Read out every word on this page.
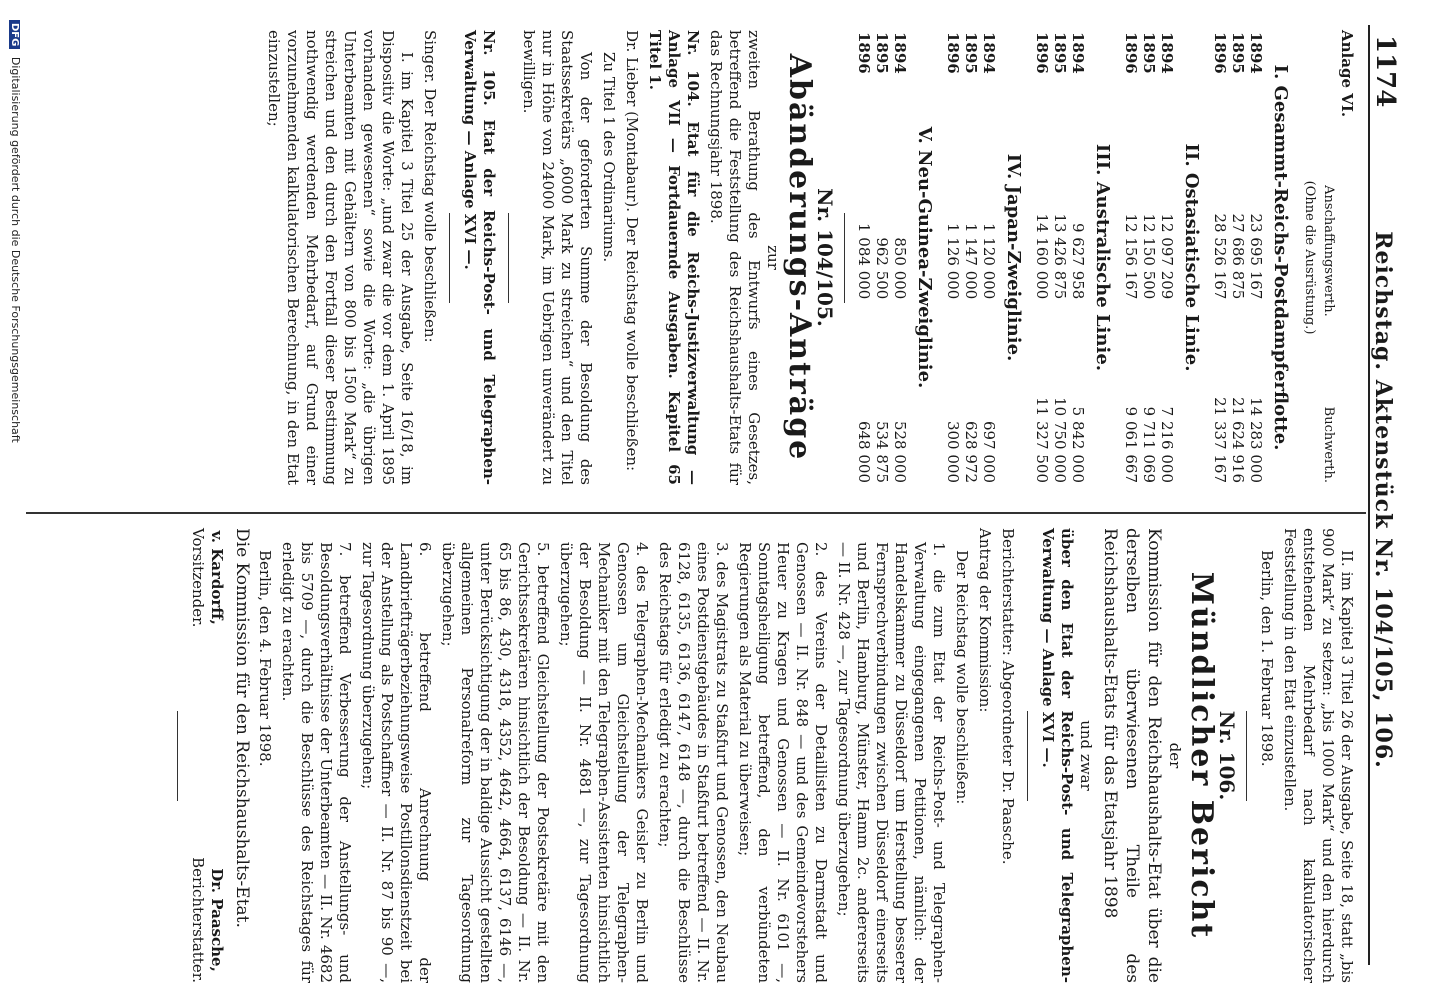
1174
Reichstag. Aktenstück Nr. 104/105, 106.
Anlage VI.
	Anschaffungswerth.	Buchwerth.
(Ohne die Ausrüstung.)
I. Gesammt-Reichs-Postdampferflotte.
1894	23 695 167	14 283 000
1895	27 686 875	21 624 916
1896	28 526 167	21 337 167
II. Ostasiatische Linie.
1894	12 097 209	7 216 000
1895	12 150 500	9 711 069
1896	12 156 167	9 061 667
III. Australische Linie.
1894	9 627 958	5 842 000
1895	13 426 875	10 750 000
1896	14 160 000	11 327 500
IV. Japan-Zweiglinie.
1894	1 120 000	697 000
1895	1 147 000	628 972
1896	1 126 000	300 000
V. Neu-Guinea-Zweiglinie.
1894	850 000	528 000
1895	962 500	534 875
1896	1 084 000	648 000
Nr. 104/105.
Abänderungs-Anträge
zur

zweiten Berathung des Entwurfs eines Gesetzes, betreffend die Feststellung des Reichshaushalts-Etats für das Rechnungsjahr 1898.

Nr. 104. Etat für die Reichs-Justizverwaltung — Anlage VII — Fortdauernde Ausgaben. Kapitel 65 Titel 1.

Dr. Lieber (Montabaur). Der Reichstag wolle beschließen:

Zu Titel 1 des Ordinariums.

Von der geforderten Summe der Besoldung des Staatssekretärs „6000 Mark zu streichen“ und den Titel nur in Höhe von 24000 Mark, im Uebrigen unverändert zu bewilligen.

Nr. 105. Etat der Reichs-Post- und Telegraphen-Verwaltung — Anlage XVI —.

Singer. Der Reichstag wolle beschließen:

I. im Kapitel 3 Titel 25 der Ausgabe, Seite 16/18, im Dispositiv die Worte: „und zwar die vor dem 1. April 1895 vorhanden gewesenen“ sowie die Worte: „die übrigen Unterbeamten mit Gehältern von 800 bis 1500 Mark“ zu streichen und den durch den Fortfall dieser Bestimmung nothwendig werdenden Mehrbedarf, auf Grund einer vorzunehmenden kalkulatorischen Berechnung, in den Etat einzustellen;

II. im Kapitel 3 Titel 26 der Ausgabe, Seite 18, statt „bis 900 Mark“ zu setzen: „bis 1000 Mark“ und den hierdurch entstehenden Mehrbedarf nach kalkulatorischer Feststellung in den Etat einzustellen.

Berlin, den 1. Februar 1898.

Nr. 106.
Mündlicher Bericht
der

Kommission für den Reichshaushalts-Etat über die derselben überwiesenen Theile des Reichshaushalts-Etats für das Etatsjahr 1898

und zwar

über den Etat der Reichs-Post- und Telegraphen-Verwaltung — Anlage XVI —.

Berichterstatter: Abgeordneter Dr. Paasche.

Antrag der Kommission:

Der Reichstag wolle beschließen:

1. die zum Etat der Reichs-Post- und Telegraphen-Verwaltung eingegangenen Petitionen, nämlich: der Handelskammer zu Düsseldorf um Herstellung besserer Fernsprechverbindungen zwischen Düsseldorf einerseits und Berlin, Hamburg, Münster, Hamm 2c. andererseits — II. Nr. 428 —, zur Tagesordnung überzugehen;

2. des Vereins der Detaillisten zu Darmstadt und Genossen — II. Nr. 848 — und des Gemeindevorstehers Heuer zu Kragen und Genossen — II. Nr. 6101 —, Sonntagsheiligung betreffend, den verbündeten Regierungen als Material zu überweisen;

3. des Magistrats zu Staßfurt und Genossen, den Neubau eines Postdienstgebäudes in Staßfurt betreffend — II. Nr. 6128, 6135, 6136, 6147, 6148 —, durch die Beschlüsse des Reichstags für erledigt zu erachten;

4. des Telegraphen-Mechanikers Geisler zu Berlin und Genossen um Gleichstellung der Telegraphen-Mechaniker mit den Telegraphen-Assistenten hinsichtlich der Besoldung — II. Nr. 4681 —, zur Tagesordnung überzugehen;

5. betreffend Gleichstellung der Postsekretäre mit den Gerichtssekretären hinsichtlich der Besoldung — II. Nr. 65 bis 86, 430, 4318, 4352, 4642, 4664, 6137, 6146 —, unter Berücksichtigung der in baldige Aussicht gestellten allgemeinen Personalreform zur Tagesordnung überzugehen;

6. betreffend Anrechnung der Landbriefträgerbeziehungsweise Postillonsdienstzeit bei der Anstellung als Postschaffner — II. Nr. 87 bis 90 —, zur Tagesordnung überzugehen;

7. betreffend Verbesserung der Anstellungs- und Besoldungsverhältnisse der Unterbeamten — II. Nr. 4682 bis 5709 —, durch die Beschlüsse des Reichstages für erledigt zu erachten.

Berlin, den 4. Februar 1898.

Die Kommission für den Reichshaushalts-Etat.

v. Kardorff,
Vorsitzender.
Dr. Paasche,
Berichterstatter.
DFG Digitalisierung gefördert durch die Deutsche Forschungsgemeinschaft
